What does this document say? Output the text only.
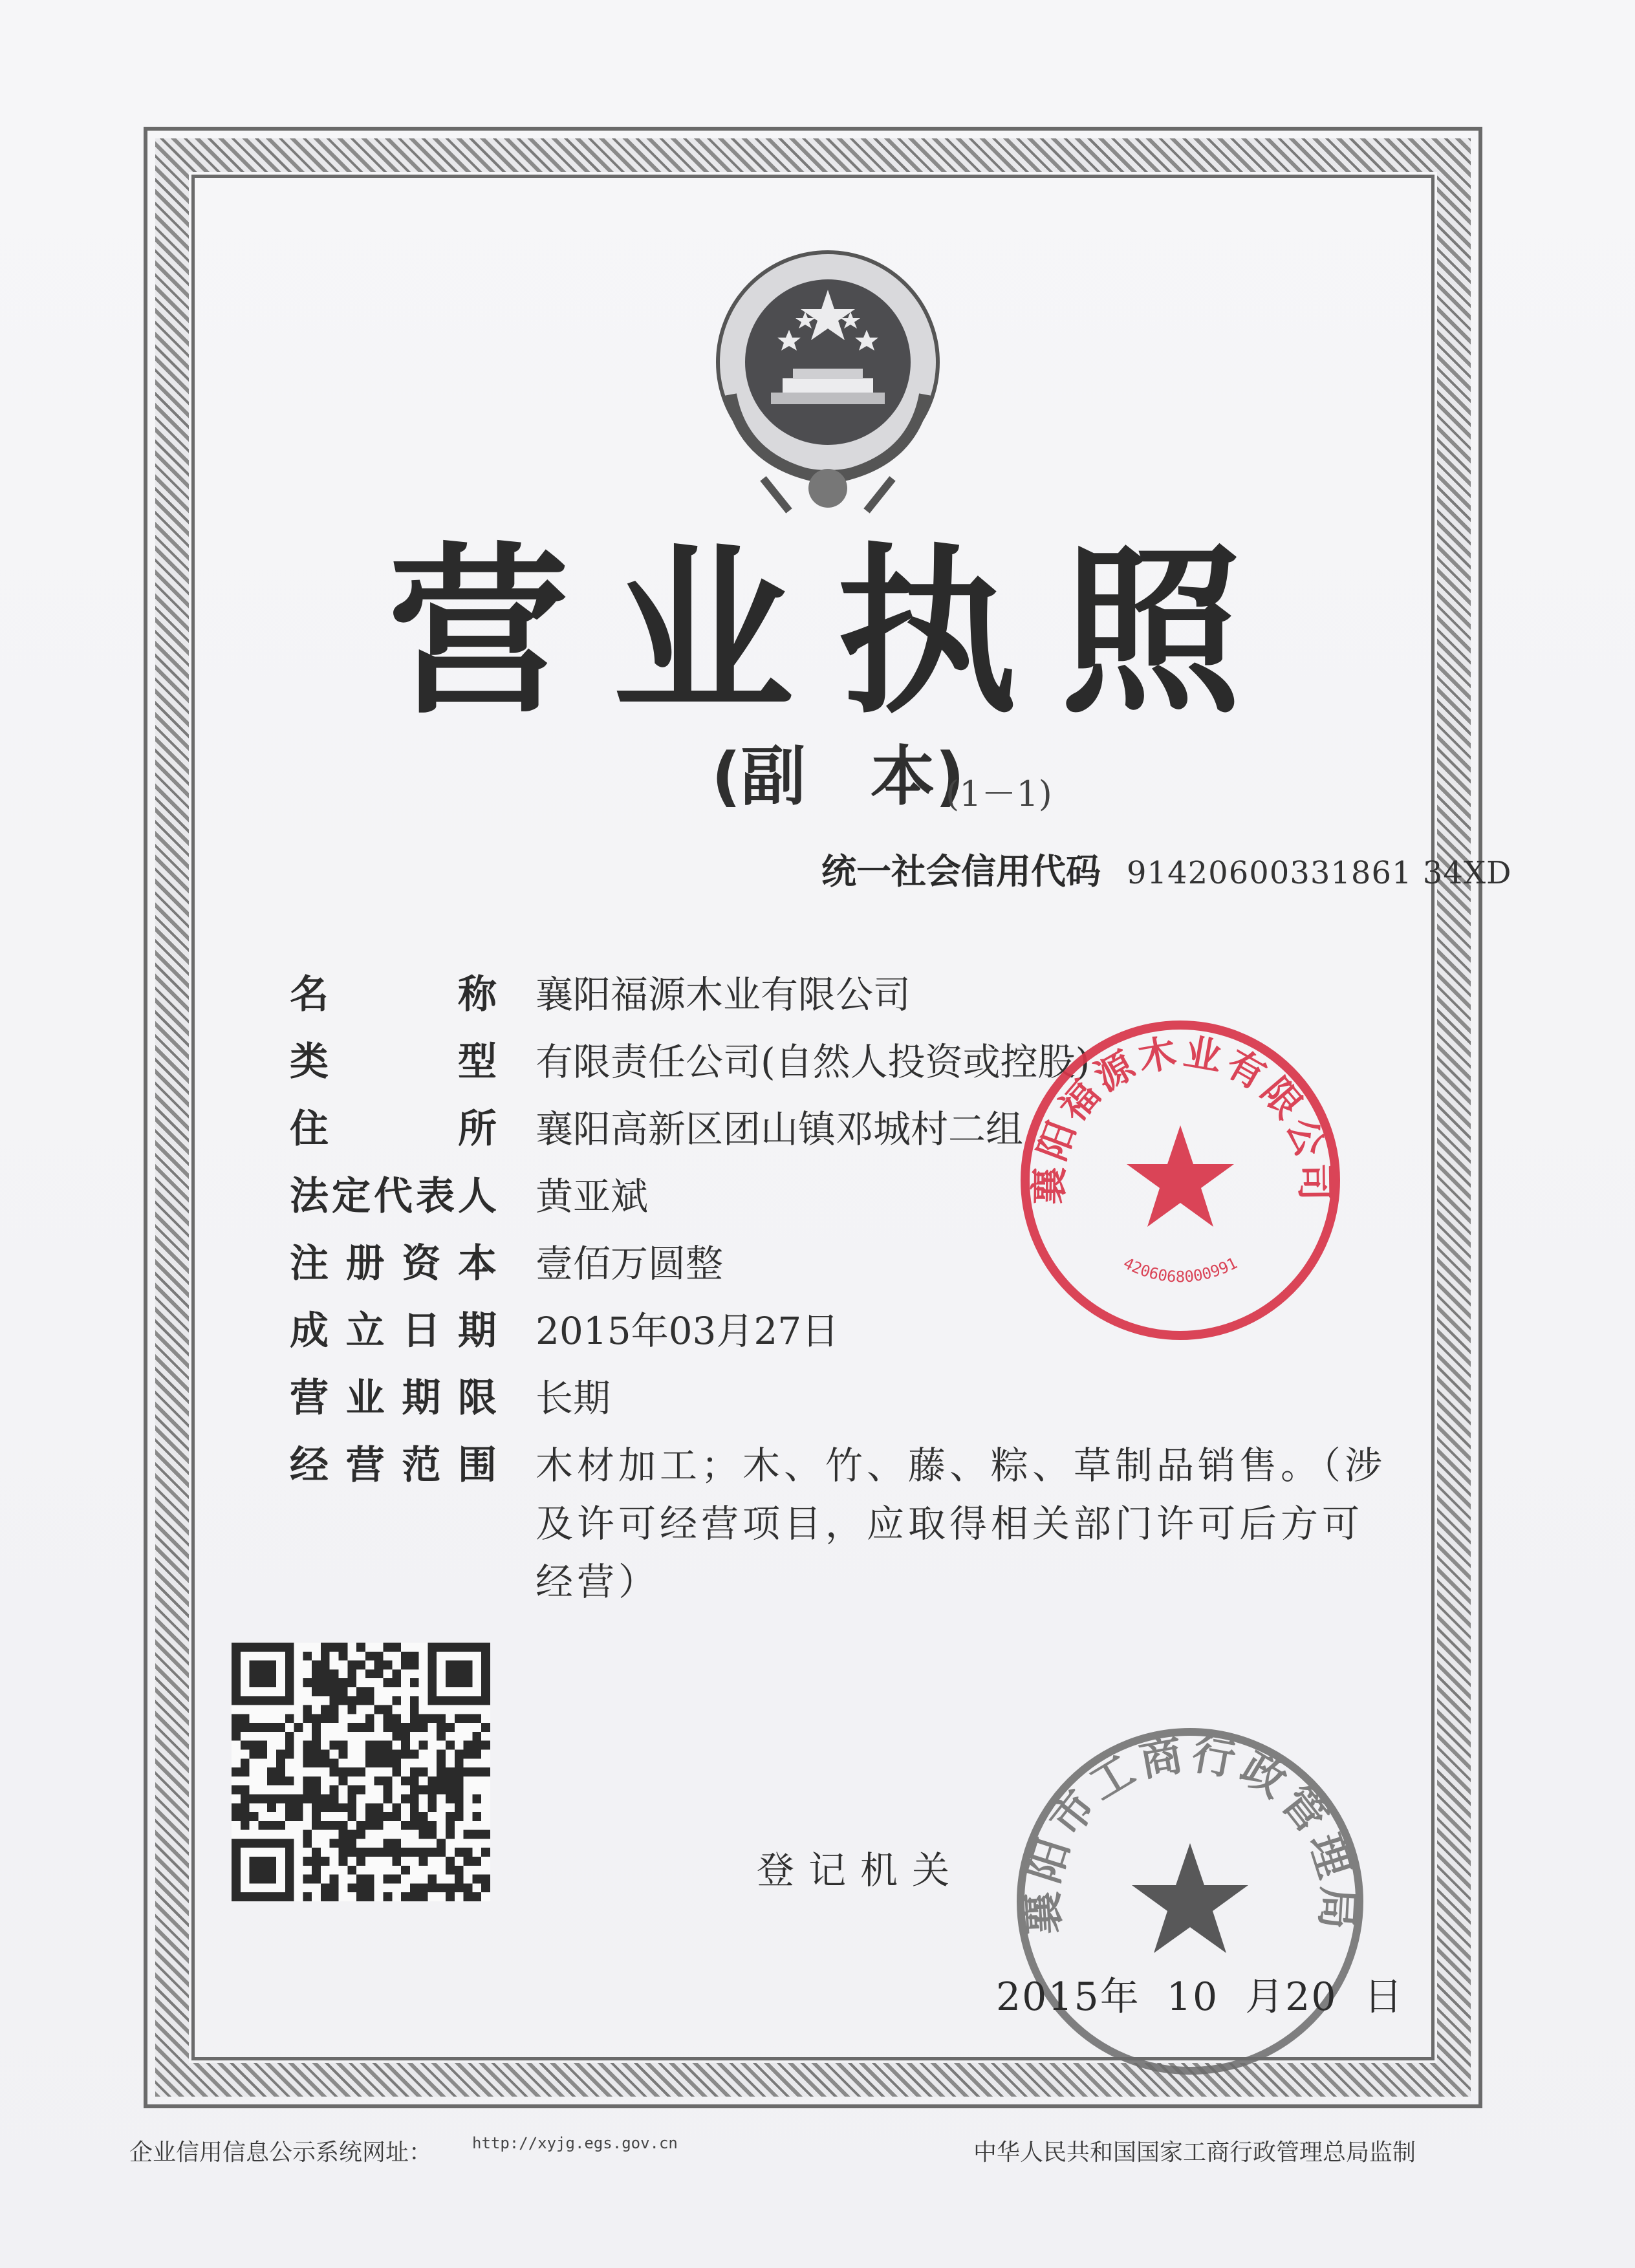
营 业 执 照
(副　本)
(1－1)
统一社会信用代码 91420600331861 34XD
名	称 襄阳福源木业有限公司
类	型 有限责任公司(自然人投资或控股)
住	所 襄阳高新区团山镇邓城村二组
法 定 代 表 人 黄亚斌
注 册 资 本 壹佰万圆整
成 立 日 期 2015年03月27日
营 业 期 限 长期
经 营 范 围 木材加工；木、竹、藤、粽、草制品销售。（涉及许可经营项目，应取得相关部门许可后方可经营）
襄阳福源木业有限公司
4206068000991
登记机关
襄阳市工商行政管理局
2015年 10 月20 日
企业信用信息公示系统网址：	http://xyjg.egs.gov.cn	中华人民共和国国家工商行政管理总局监制
